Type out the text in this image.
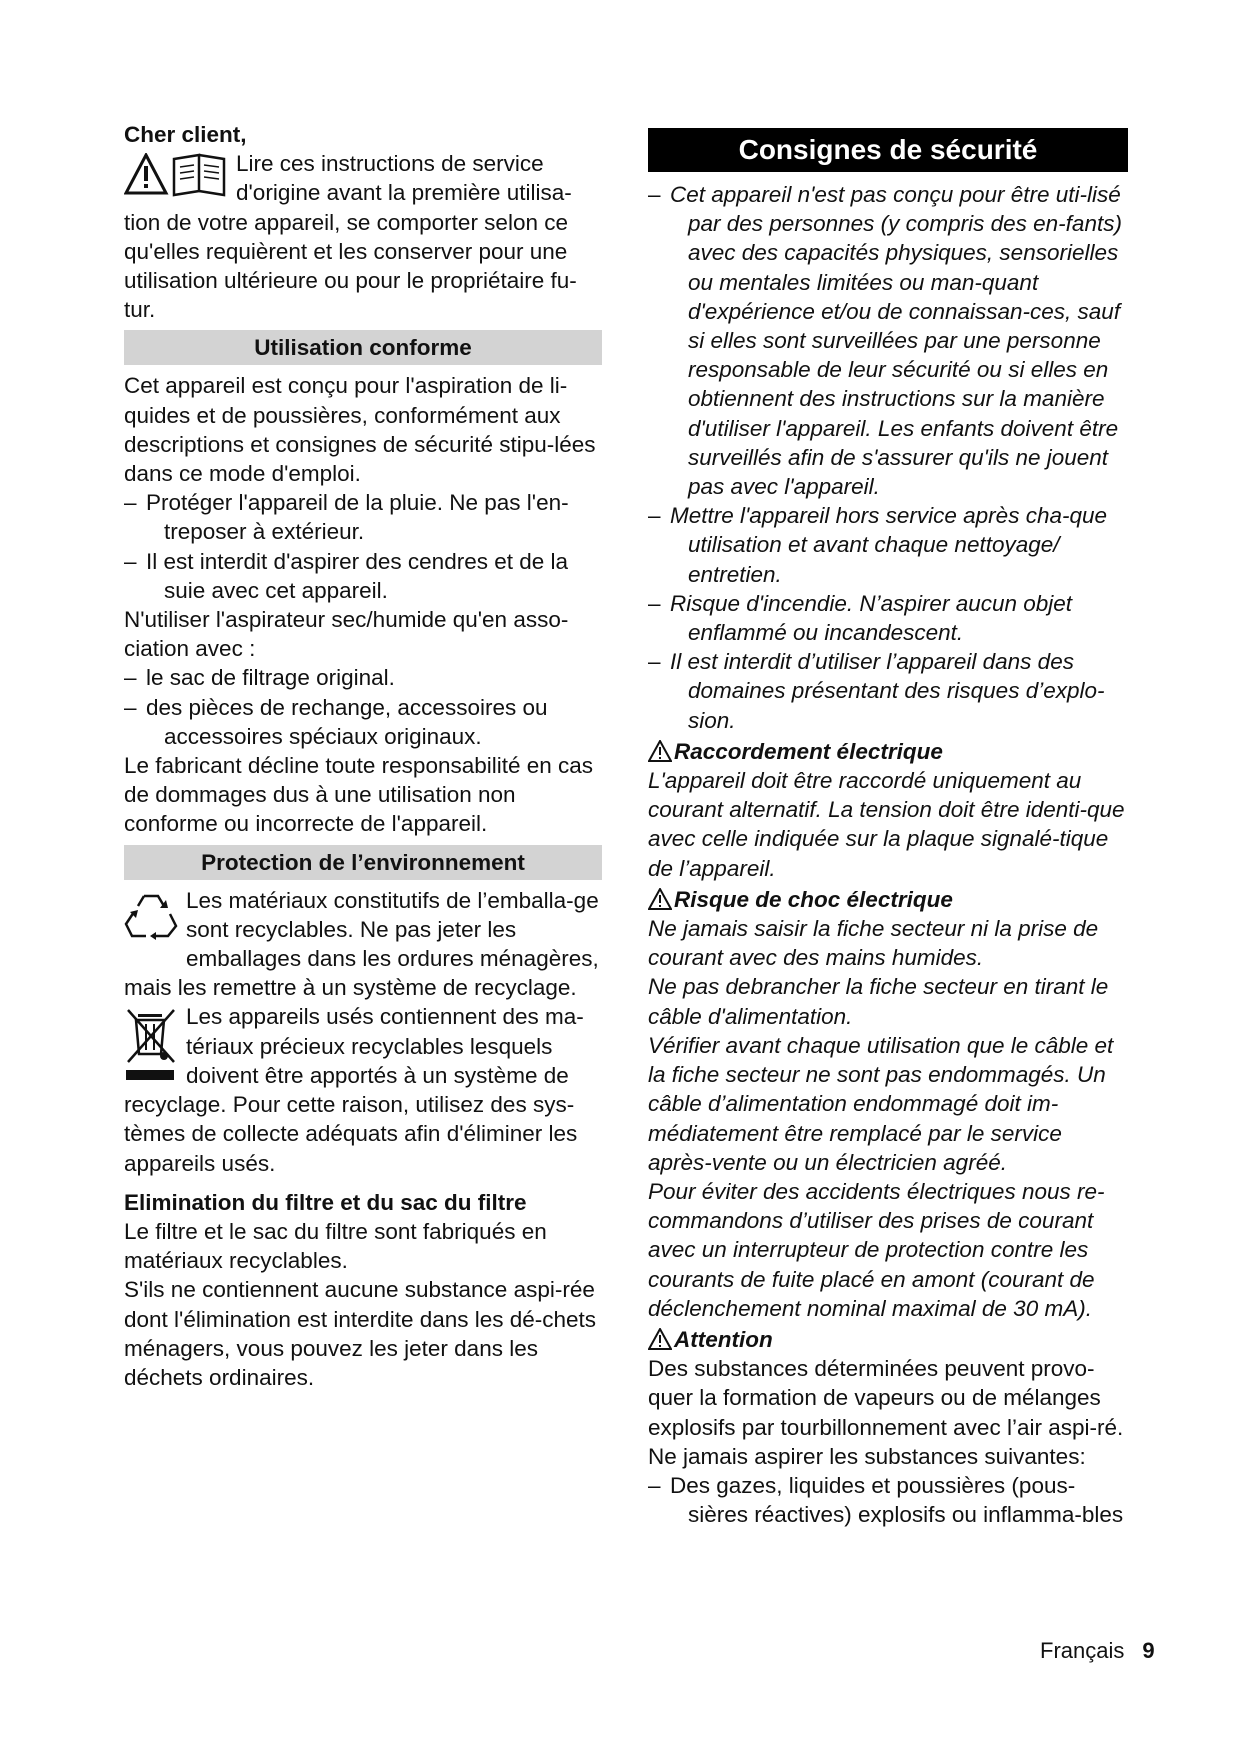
Cher client,

Lire ces instructions de service

d'origine avant la première utilisa-

tion de votre appareil, se comporter selon ce

qu'elles requièrent et les conserver pour une

utilisation ultérieure ou pour le propriétaire fu-

tur.

Utilisation conforme

Cet appareil est conçu pour l'aspiration de li-quides et de poussières, conformément aux descriptions et consignes de sécurité stipu-lées dans ce mode d'emploi.

– Protéger l'appareil de la pluie. Ne pas l'en-treposer à extérieur.

– Il est interdit d'aspirer des cendres et de la suie avec cet appareil.

N'utiliser l'aspirateur sec/humide qu'en asso-ciation avec :

– le sac de filtrage original.

– des pièces de rechange, accessoires ou accessoires spéciaux originaux.

Le fabricant décline toute responsabilité en cas de dommages dus à une utilisation non conforme ou incorrecte de l'appareil.

Protection de l’environnement

Les matériaux constitutifs de l’emballa-ge sont recyclables. Ne pas jeter les emballages dans les ordures ménagères, mais les remettre à un système de recyclage.

Les appareils usés contiennent des ma-tériaux précieux recyclables lesquels doivent être apportés à un système de recyclage. Pour cette raison, utilisez des sys-tèmes de collecte adéquats afin d'éliminer les appareils usés.

Elimination du filtre et du sac du filtre

Le filtre et le sac du filtre sont fabriqués en matériaux recyclables.

S'ils ne contiennent aucune substance aspi-rée dont l'élimination est interdite dans les dé-chets ménagers, vous pouvez les jeter dans les déchets ordinaires.

Consignes de sécurité

– Cet appareil n'est pas conçu pour être uti-lisé par des personnes (y compris des en-fants) avec des capacités physiques, sensorielles ou mentales limitées ou man-quant d'expérience et/ou de connaissan-ces, sauf si elles sont surveillées par une personne responsable de leur sécurité ou si elles en obtiennent des instructions sur la manière d'utiliser l'appareil. Les enfants doivent être surveillés afin de s'assurer qu'ils ne jouent pas avec l'appareil.

– Mettre l'appareil hors service après cha-que utilisation et avant chaque nettoyage/ entretien.

– Risque d'incendie. N’aspirer aucun objet enflammé ou incandescent.

– Il est interdit d’utiliser l’appareil dans des domaines présentant des risques d’explo-sion.

Raccordement électrique

L'appareil doit être raccordé uniquement au courant alternatif. La tension doit être identi-que avec celle indiquée sur la plaque signalé-tique de l’appareil.

Risque de choc électrique

Ne jamais saisir la fiche secteur ni la prise de courant avec des mains humides.

Ne pas debrancher la fiche secteur en tirant le câble d'alimentation.

Vérifier avant chaque utilisation que le câble et la fiche secteur ne sont pas endommagés. Un câble d’alimentation endommagé doit im-médiatement être remplacé par le service après-vente ou un électricien agréé.

Pour éviter des accidents électriques nous re-commandons d’utiliser des prises de courant avec un interrupteur de protection contre les courants de fuite placé en amont (courant de déclenchement nominal maximal de 30 mA).

Attention

Des substances déterminées peuvent provo-quer la formation de vapeurs ou de mélanges explosifs par tourbillonnement avec l’air aspi-ré.

Ne jamais aspirer les substances suivantes:

– Des gazes, liquides et poussières (pous-sières réactives) explosifs ou inflamma-bles

Français 9
